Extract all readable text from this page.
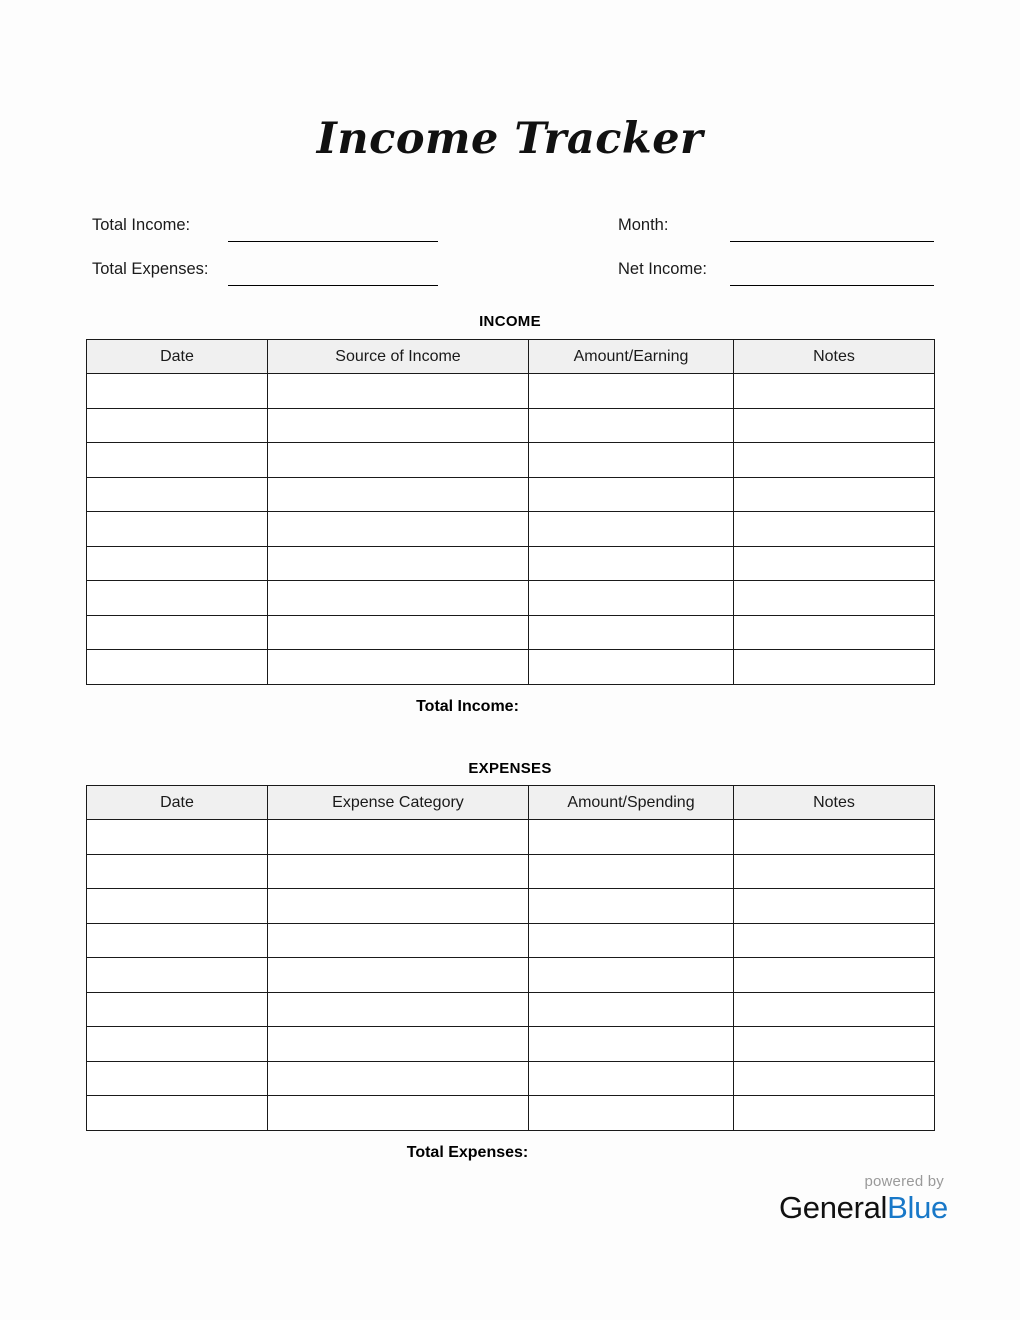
Income Tracker
Total Income:
Total Expenses:
Month:
Net Income:
INCOME
Date	Source of Income	Amount/Earning	Notes

Total Income:
EXPENSES
Date	Expense Category	Amount/Spending	Notes

Total Expenses:
powered by
GeneralBlue
